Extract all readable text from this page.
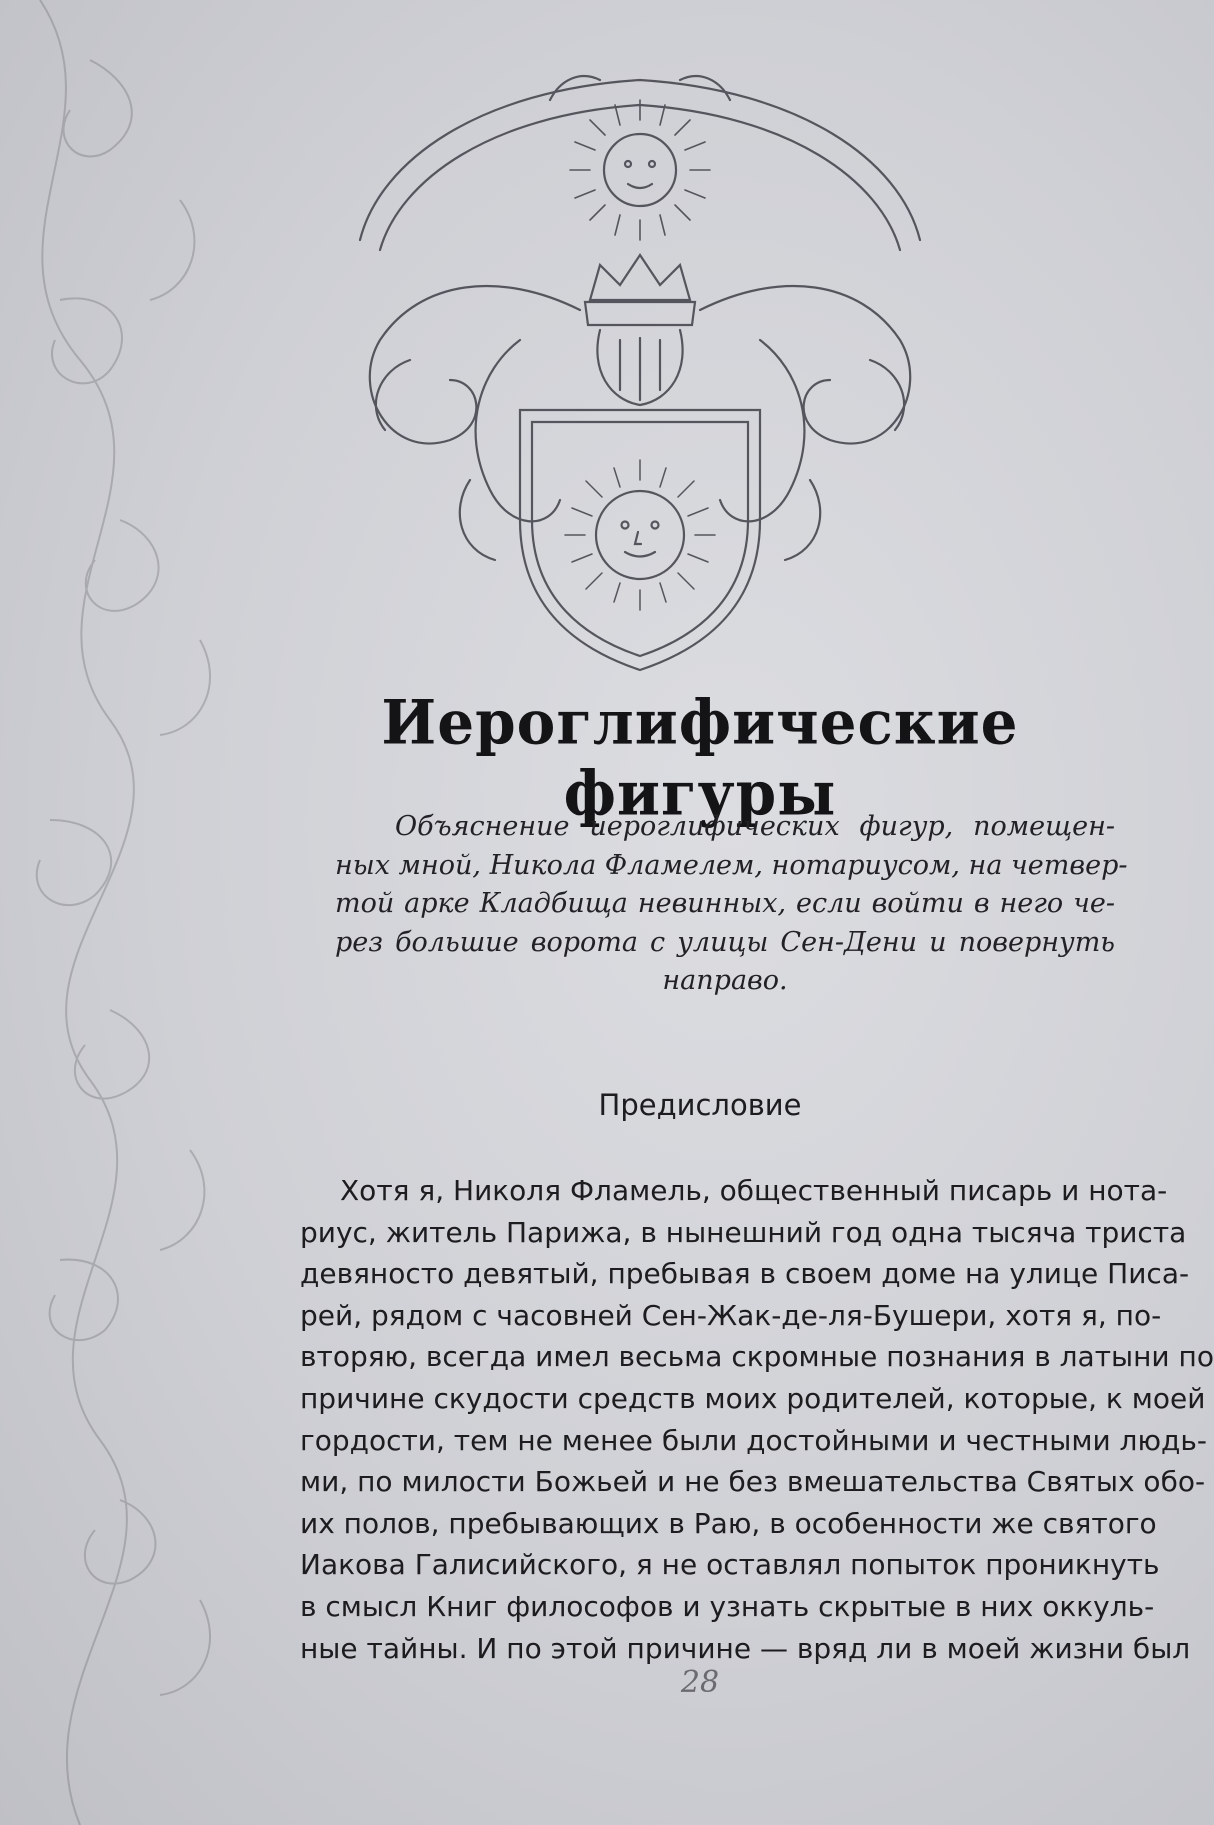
Иероглифические фигуры
Объяснение иероглифических фигур, помещен-
ных мной, Никола Фламелем, нотариусом, на четвер-
той арке Кладбища невинных, если войти в него че-
рез большие ворота с улицы Сен-Дени и повернуть
направо.
Предисловие
Хотя я, Николя Фламель, общественный писарь и нота-
риус, житель Парижа, в нынешний год одна тысяча триста
девяносто девятый, пребывая в своем доме на улице Писа-
рей, рядом с часовней Сен-Жак-де-ля-Бушери, хотя я, по-
вторяю, всегда имел весьма скромные познания в латыни по
причине скудости средств моих родителей, которые, к моей
гордости, тем не менее были достойными и честными людь-
ми, по милости Божьей и не без вмешательства Святых обо-
их полов, пребывающих в Раю, в особенности же святого
Иакова Галисийского, я не оставлял попыток проникнуть
в смысл Книг философов и узнать скрытые в них оккуль-
ные тайны. И по этой причине — вряд ли в моей жизни был
28
